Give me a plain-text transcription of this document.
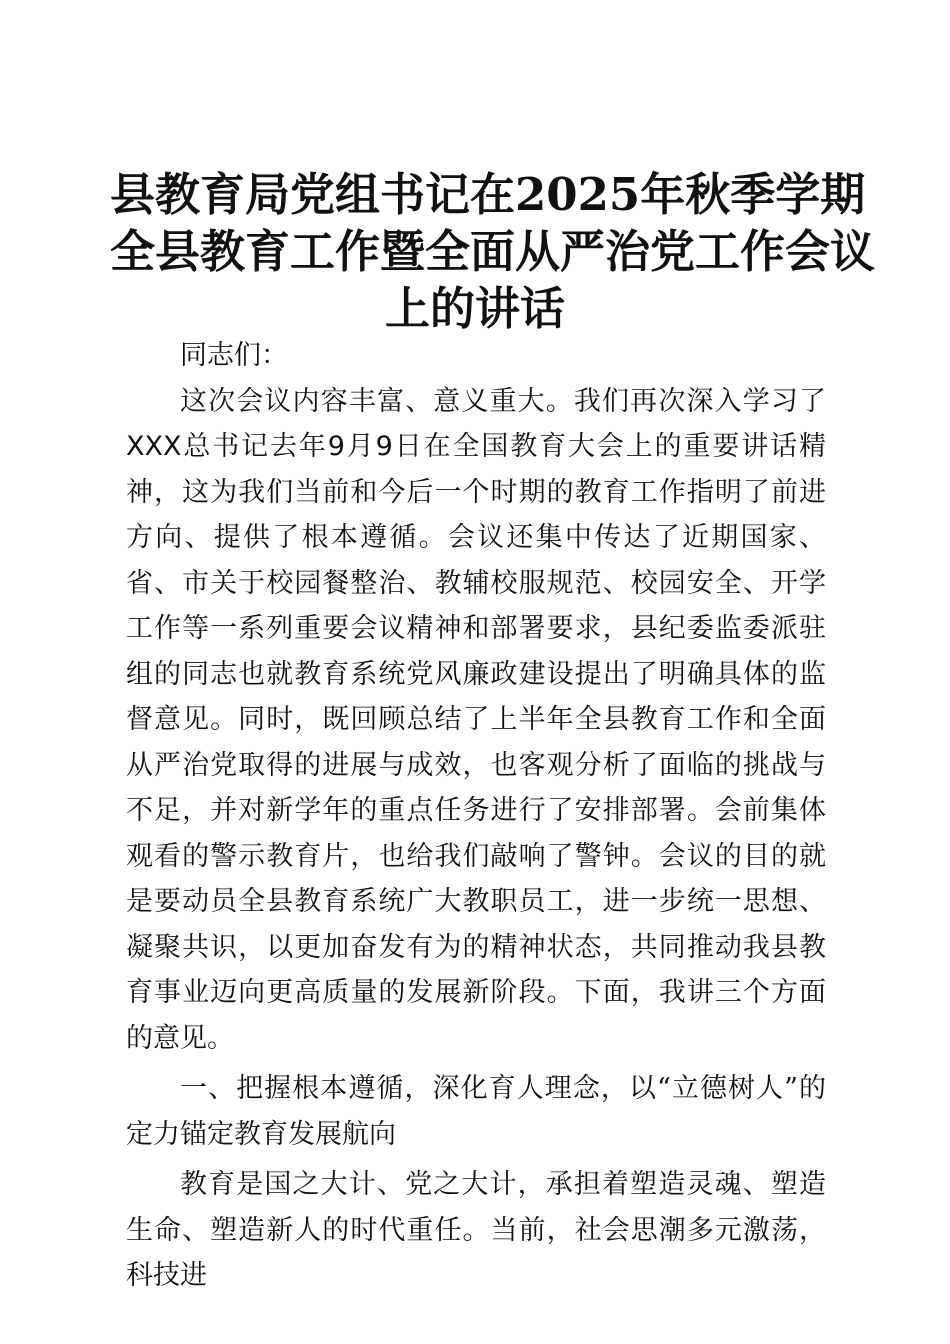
县教育局党组书记在2025年秋季学期
全县教育工作暨全面从严治党工作会议
上的讲话

同志们：

这次会议内容丰富、意义重大。我们再次深入学习了XXX总书记去年9月9日在全国教育大会上的重要讲话精神，这为我们当前和今后一个时期的教育工作指明了前进方向、提供了根本遵循。会议还集中传达了近期国家、省、市关于校园餐整治、教辅校服规范、校园安全、开学工作等一系列重要会议精神和部署要求，县纪委监委派驻组的同志也就教育系统党风廉政建设提出了明确具体的监督意见。同时，既回顾总结了上半年全县教育工作和全面从严治党取得的进展与成效，也客观分析了面临的挑战与不足，并对新学年的重点任务进行了安排部署。会前集体观看的警示教育片，也给我们敲响了警钟。会议的目的就是要动员全县教育系统广大教职员工，进一步统一思想、凝聚共识，以更加奋发有为的精神状态，共同推动我县教育事业迈向更高质量的发展新阶段。下面，我讲三个方面的意见。

一、把握根本遵循，深化育人理念，以“立德树人”的定力锚定教育发展航向

教育是国之大计、党之大计，承担着塑造灵魂、塑造生命、塑造新人的时代重任。当前，社会思潮多元激荡，科技进
